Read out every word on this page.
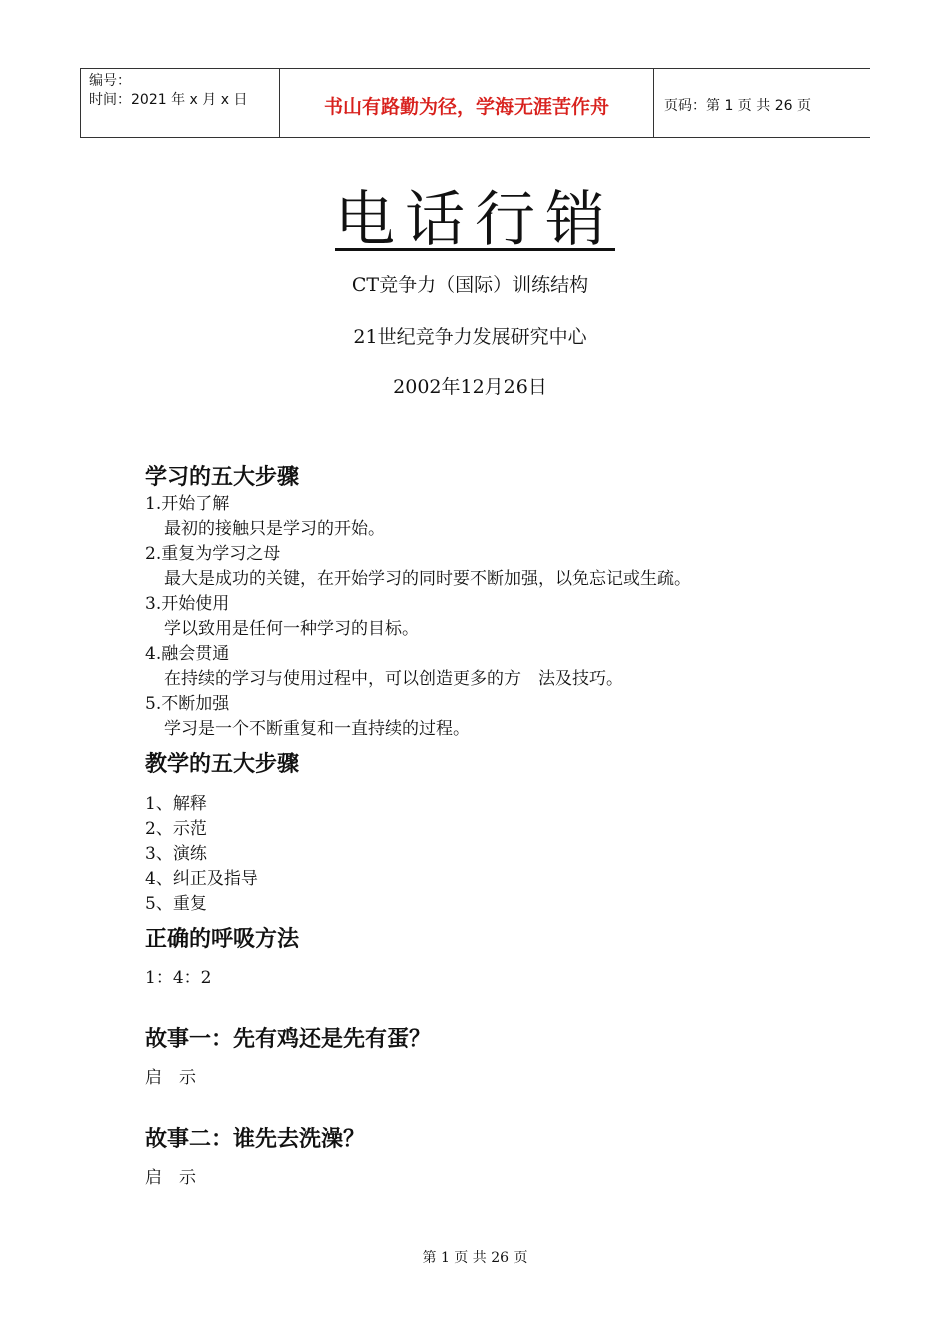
编号：
时间：2021 年 x 月 x 日	书山有路勤为径，学海无涯苦作舟	页码：第 1 页 共 26 页
电话行销
CT竞争力（国际）训练结构
21世纪竞争力发展研究中心
2002年12月26日
学习的五大步骤
1.开始了解
最初的接触只是学习的开始。
2.重复为学习之母
最大是成功的关键，在开始学习的同时要不断加强，以免忘记或生疏。
3.开始使用
学以致用是任何一种学习的目标。
4.融会贯通
在持续的学习与使用过程中，可以创造更多的方　法及技巧。
5.不断加强
学习是一个不断重复和一直持续的过程。
教学的五大步骤
1、解释
2、示范
3、演练
4、纠正及指导
5、重复
正确的呼吸方法
1：4：2
故事一：先有鸡还是先有蛋？
启　示
故事二：谁先去洗澡？
启　示
第 1 页 共 26 页
